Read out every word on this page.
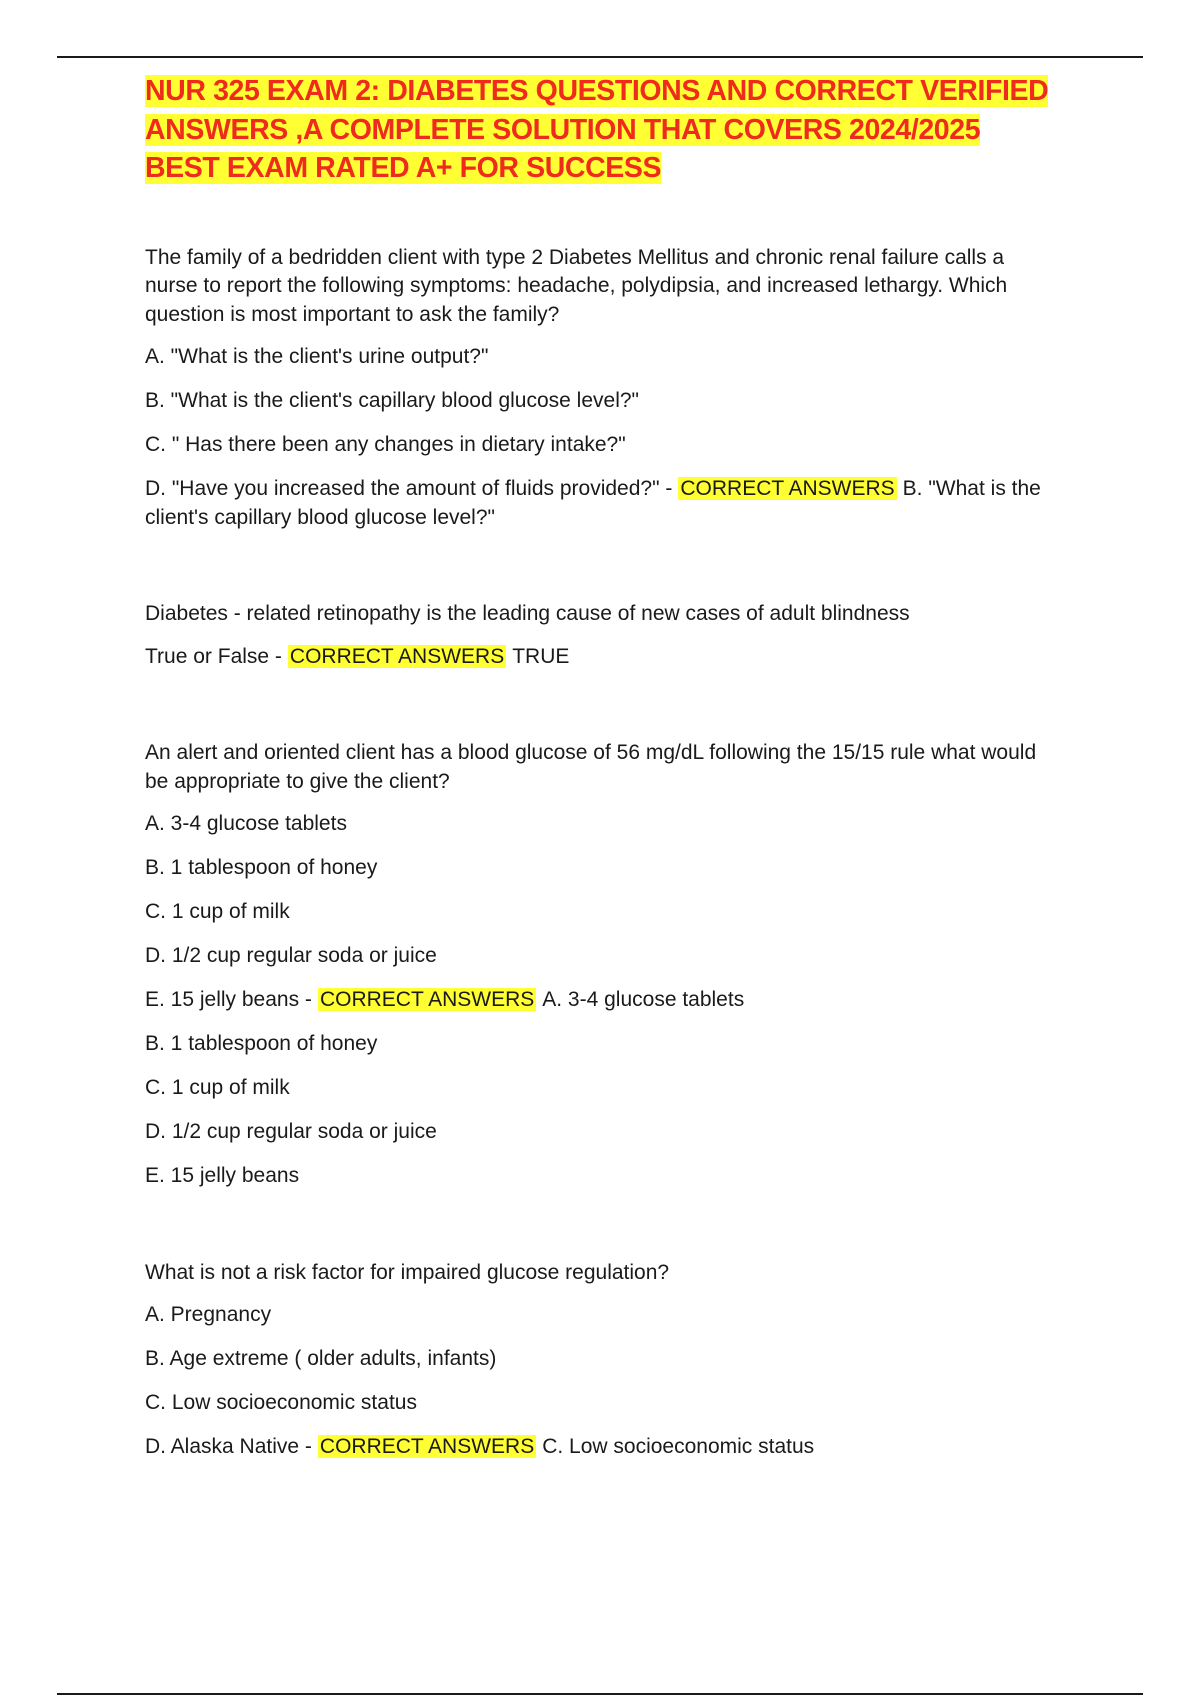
NUR 325 EXAM 2: DIABETES QUESTIONS AND CORRECT VERIFIED ANSWERS ,A COMPLETE SOLUTION THAT COVERS 2024/2025 BEST EXAM RATED A+ FOR SUCCESS

The family of a bedridden client with type 2 Diabetes Mellitus and chronic renal failure calls a nurse to report the following symptoms: headache, polydipsia, and increased lethargy. Which question is most important to ask the family?

A. "What is the client's urine output?"

B. "What is the client's capillary blood glucose level?"

C. " Has there been any changes in dietary intake?"

D. "Have you increased the amount of fluids provided?" - CORRECT ANSWERS B. "What is the client's capillary blood glucose level?"

Diabetes - related retinopathy is the leading cause of new cases of adult blindness

True or False - CORRECT ANSWERS TRUE

An alert and oriented client has a blood glucose of 56 mg/dL following the 15/15 rule what would be appropriate to give the client?

A. 3-4 glucose tablets

B. 1 tablespoon of honey

C. 1 cup of milk

D. 1/2 cup regular soda or juice

E. 15 jelly beans - CORRECT ANSWERS A. 3-4 glucose tablets

B. 1 tablespoon of honey

C. 1 cup of milk

D. 1/2 cup regular soda or juice

E. 15 jelly beans

What is not a risk factor for impaired glucose regulation?

A. Pregnancy

B. Age extreme ( older adults, infants)

C. Low socioeconomic status

D. Alaska Native - CORRECT ANSWERS C. Low socioeconomic status
